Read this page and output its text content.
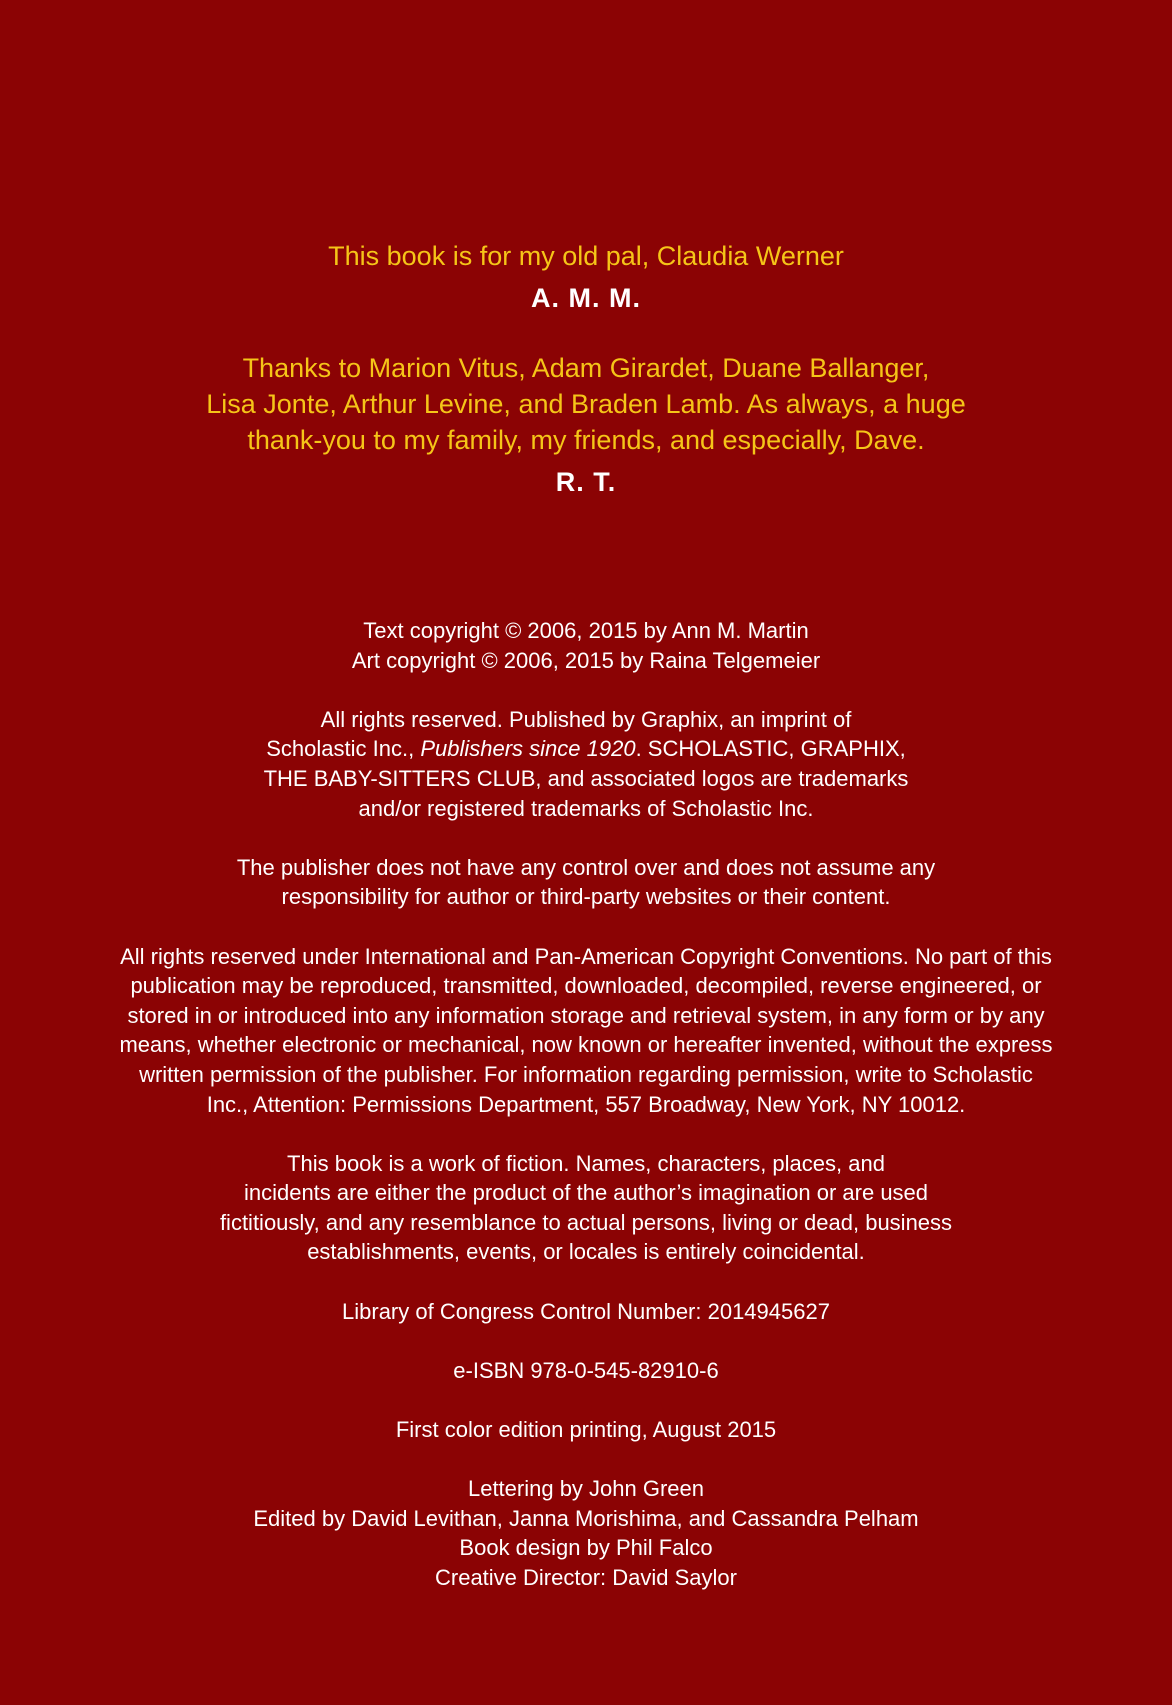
This book is for my old pal, Claudia Werner

A. M. M.

Thanks to Marion Vitus, Adam Girardet, Duane Ballanger,

Lisa Jonte, Arthur Levine, and Braden Lamb. As always, a huge

thank-you to my family, my friends, and especially, Dave.

R. T.

Text copyright © 2006, 2015 by Ann M. Martin
Art copyright © 2006, 2015 by Raina Telgemeier

All rights reserved. Published by Graphix, an imprint of
Scholastic Inc., Publishers since 1920. SCHOLASTIC, GRAPHIX,
THE BABY-SITTERS CLUB, and associated logos are trademarks
and/or registered trademarks of Scholastic Inc.

The publisher does not have any control over and does not assume any
responsibility for author or third-party websites or their content.

All rights reserved under International and Pan-American Copyright Conventions. No part of this
publication may be reproduced, transmitted, downloaded, decompiled, reverse engineered, or
stored in or introduced into any information storage and retrieval system, in any form or by any
means, whether electronic or mechanical, now known or hereafter invented, without the express
written permission of the publisher. For information regarding permission, write to Scholastic
Inc., Attention: Permissions Department, 557 Broadway, New York, NY 10012.

This book is a work of fiction. Names, characters, places, and
incidents are either the product of the author’s imagination or are used
fictitiously, and any resemblance to actual persons, living or dead, business
establishments, events, or locales is entirely coincidental.

Library of Congress Control Number: 2014945627

e-ISBN 978-0-545-82910-6

First color edition printing, August 2015

Lettering by John Green
Edited by David Levithan, Janna Morishima, and Cassandra Pelham
Book design by Phil Falco
Creative Director: David Saylor
